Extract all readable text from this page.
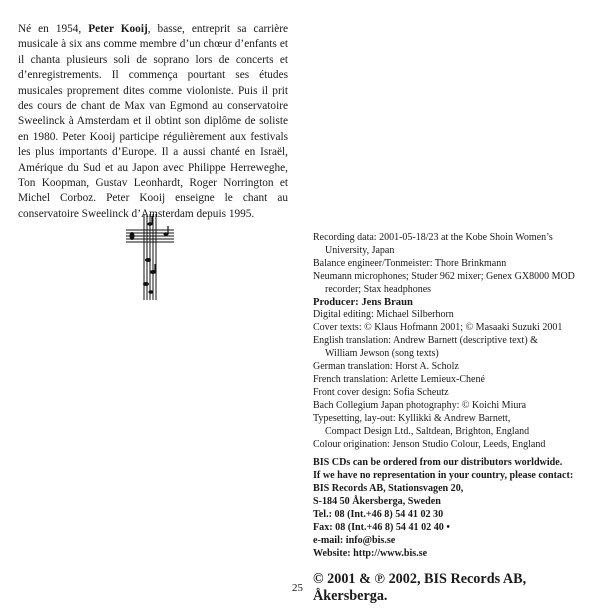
Né en 1954, Peter Kooij, basse, entreprit sa carrière musicale à six ans comme membre d’un chœur d’enfants et il chanta plusieurs soli de soprano lors de concerts et d’enregistrements. Il commença pourtant ses études musicales proprement dites comme violoniste. Puis il prit des cours de chant de Max van Egmond au conservatoire Sweelinck à Amsterdam et il obtint son diplôme de soliste en 1980. Peter Kooij participe régulièrement aux festivals les plus importants d’Europe. Il a aussi chanté en Israël, Amérique du Sud et au Japon avec Philippe Herreweghe, Ton Koopman, Gustav Leonhardt, Roger Norrington et Michel Corboz. Peter Kooij enseigne le chant au conservatoire Sweelinck d’Amsterdam depuis 1995.
Recording data: 2001-05-18/23 at the Kobe Shoin Women’s
University, Japan
Balance engineer/Tonmeister: Thore Brinkmann
Neumann microphones; Studer 962 mixer; Genex GX8000 MOD
recorder; Stax headphones
Producer: Jens Braun
Digital editing: Michael Silberhorn
Cover texts: © Klaus Hofmann 2001; © Masaaki Suzuki 2001
English translation: Andrew Barnett (descriptive text) &
William Jewson (song texts)
German translation: Horst A. Scholz
French translation: Arlette Lemieux-Chené
Front cover design: Sofia Scheutz
Bach Collegium Japan photography: © Koichi Miura
Typesetting, lay-out: Kyllikki & Andrew Barnett,
Compact Design Ltd., Saltdean, Brighton, England
Colour origination: Jenson Studio Colour, Leeds, England
BIS CDs can be ordered from our distributors worldwide.
If we have no representation in your country, please contact:
BIS Records AB, Stationsvagen 20,
S-184 50 Åkersberga, Sweden
Tel.: 08 (Int.+46 8) 54 41 02 30
Fax: 08 (Int.+46 8) 54 41 02 40 •
e-mail: info@bis.se
Website: http://www.bis.se
© 2001 & ℗ 2002, BIS Records AB,
Åkersberga.
25
